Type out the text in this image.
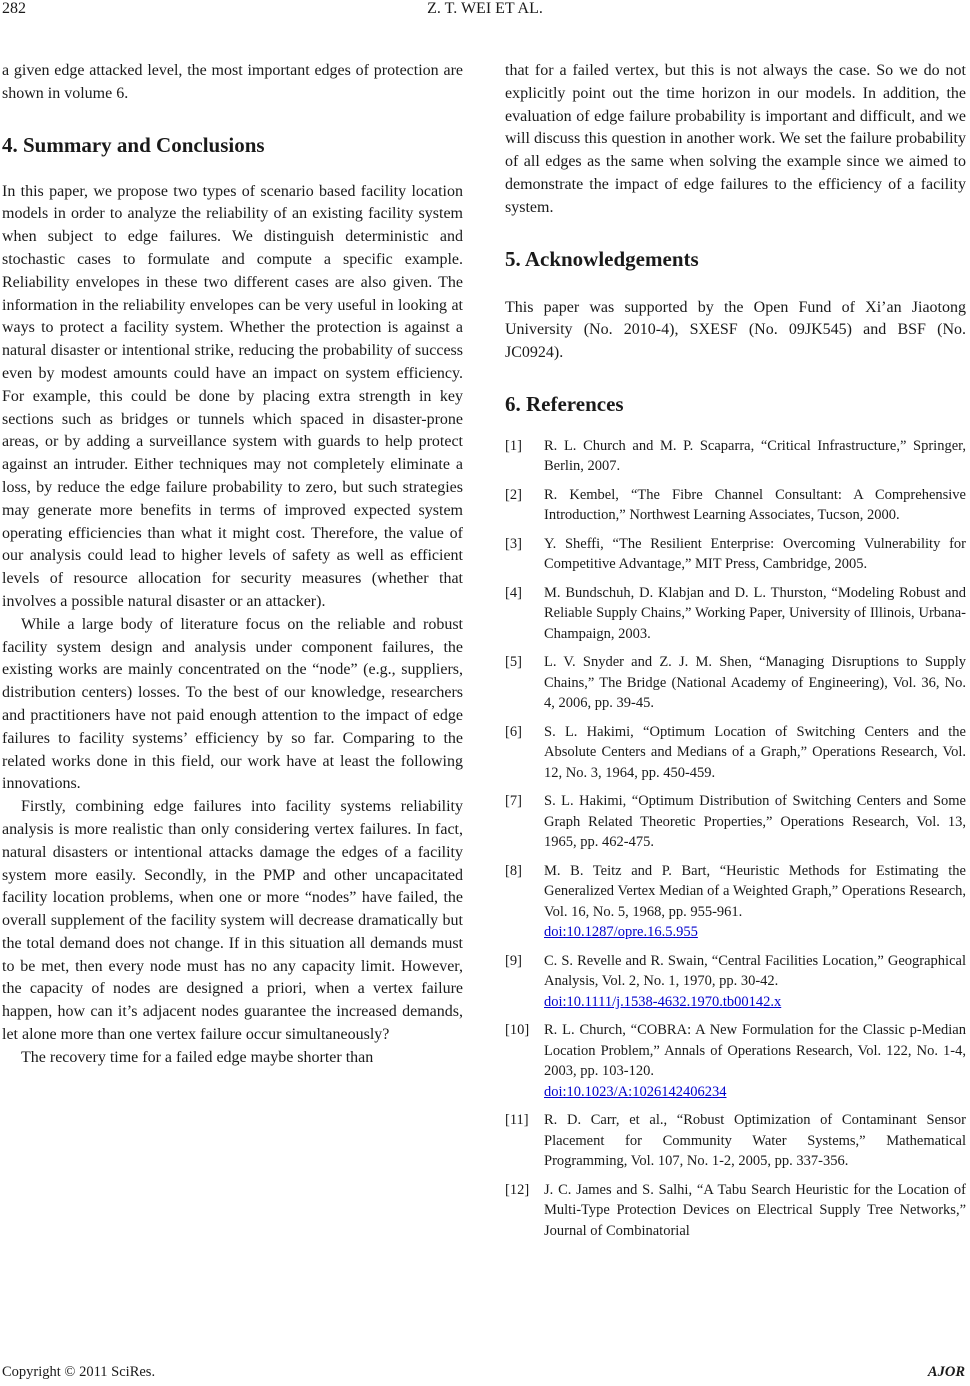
282	Z. T. WEI ET AL.

a given edge attacked level, the most important edges of protection are shown in volume 6.

4. Summary and Conclusions

In this paper, we propose two types of scenario based facility location models in order to analyze the reliability of an existing facility system when subject to edge failures. We distinguish deterministic and stochastic cases to formulate and compute a specific example. Reliability envelopes in these two different cases are also given. The information in the reliability envelopes can be very useful in looking at ways to protect a facility system. Whether the protection is against a natural disaster or intentional strike, reducing the probability of success even by modest amounts could have an impact on system efficiency. For example, this could be done by placing extra strength in key sections such as bridges or tunnels which spaced in disaster-prone areas, or by adding a surveillance system with guards to help protect against an intruder. Either techniques may not completely eliminate a loss, by reduce the edge failure probability to zero, but such strategies may generate more benefits in terms of improved expected system operating efficiencies than what it might cost. Therefore, the value of our analysis could lead to higher levels of safety as well as efficient levels of resource allocation for security measures (whether that involves a possible natural disaster or an attacker).

While a large body of literature focus on the reliable and robust facility system design and analysis under component failures, the existing works are mainly concentrated on the “node” (e.g., suppliers, distribution centers) losses. To the best of our knowledge, researchers and practitioners have not paid enough attention to the impact of edge failures to facility systems’ efficiency by so far. Comparing to the related works done in this field, our work have at least the following innovations.

Firstly, combining edge failures into facility systems reliability analysis is more realistic than only considering vertex failures. In fact, natural disasters or intentional attacks damage the edges of a facility system more easily. Secondly, in the PMP and other uncapacitated facility location problems, when one or more “nodes” have failed, the overall supplement of the facility system will decrease dramatically but the total demand does not change. If in this situation all demands must to be met, then every node must has no any capacity limit. However, the capacity of nodes are designed a priori, when a vertex failure happen, how can it’s adjacent nodes guarantee the increased demands, let alone more than one vertex failure occur simultaneously?

The recovery time for a failed edge maybe shorter than

that for a failed vertex, but this is not always the case. So we do not explicitly point out the time horizon in our models. In addition, the evaluation of edge failure probability is important and difficult, and we will discuss this question in another work. We set the failure probability of all edges as the same when solving the example since we aimed to demonstrate the impact of edge failures to the efficiency of a facility system.

5. Acknowledgements

This paper was supported by the Open Fund of Xi’an Jiaotong University (No. 2010-4), SXESF (No. 09JK545) and BSF (No. JC0924).

6. References
[1] R. L. Church and M. P. Scaparra, “Critical Infrastructure,” Springer, Berlin, 2007.
[2] R. Kembel, “The Fibre Channel Consultant: A Comprehensive Introduction,” Northwest Learning Associates, Tucson, 2000.
[3] Y. Sheffi, “The Resilient Enterprise: Overcoming Vulnerability for Competitive Advantage,” MIT Press, Cambridge, 2005.
[4] M. Bundschuh, D. Klabjan and D. L. Thurston, “Modeling Robust and Reliable Supply Chains,” Working Paper, University of Illinois, Urbana-Champaign, 2003.
[5] L. V. Snyder and Z. J. M. Shen, “Managing Disruptions to Supply Chains,” The Bridge (National Academy of Engineering), Vol. 36, No. 4, 2006, pp. 39-45.
[6] S. L. Hakimi, “Optimum Location of Switching Centers and the Absolute Centers and Medians of a Graph,” Operations Research, Vol. 12, No. 3, 1964, pp. 450-459.
[7] S. L. Hakimi, “Optimum Distribution of Switching Centers and Some Graph Related Theoretic Properties,” Operations Research, Vol. 13, 1965, pp. 462-475.
[8] M. B. Teitz and P. Bart, “Heuristic Methods for Estimating the Generalized Vertex Median of a Weighted Graph,” Operations Research, Vol. 16, No. 5, 1968, pp. 955-961.
doi:10.1287/opre.16.5.955
[9] C. S. Revelle and R. Swain, “Central Facilities Location,” Geographical Analysis, Vol. 2, No. 1, 1970, pp. 30-42.
doi:10.1111/j.1538-4632.1970.tb00142.x
[10] R. L. Church, “COBRA: A New Formulation for the Classic p-Median Location Problem,” Annals of Operations Research, Vol. 122, No. 1-4, 2003, pp. 103-120.
doi:10.1023/A:1026142406234
[11] R. D. Carr, et al., “Robust Optimization of Contaminant Sensor Placement for Community Water Systems,” Mathematical Programming, Vol. 107, No. 1-2, 2005, pp. 337-356.
[12] J. C. James and S. Salhi, “A Tabu Search Heuristic for the Location of Multi-Type Protection Devices on Electrical Supply Tree Networks,” Journal of Combinatorial
Copyright © 2011 SciRes.	AJOR
